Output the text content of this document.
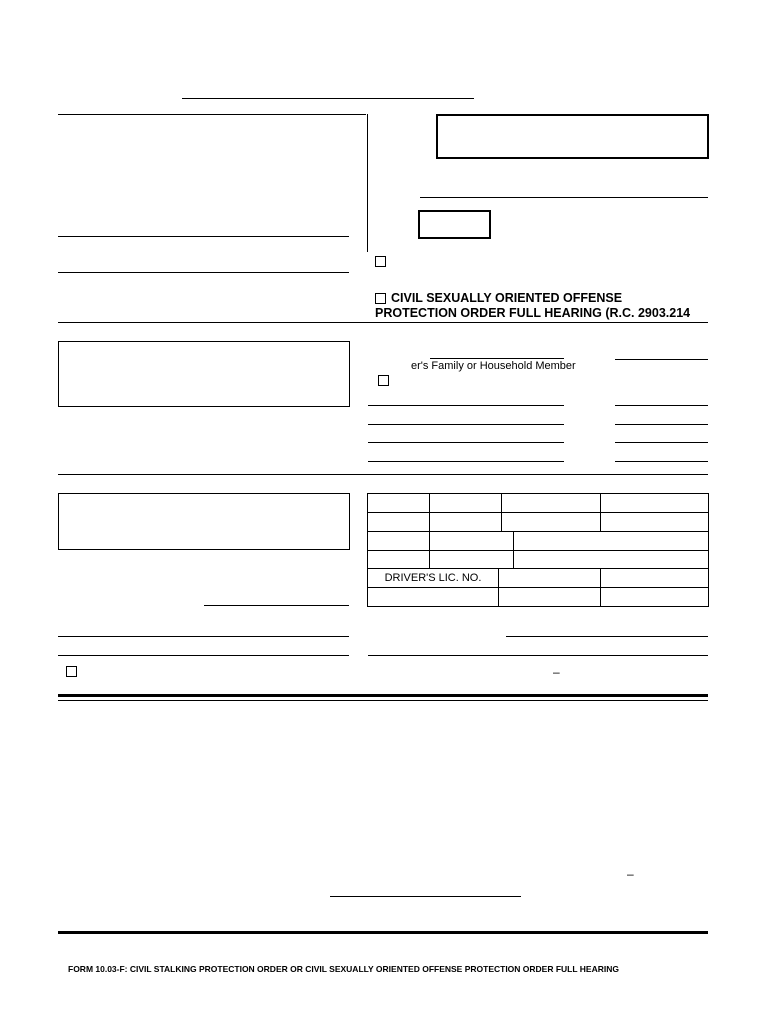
CIVIL SEXUALLY ORIENTED OFFENSE
PROTECTION ORDER FULL HEARING (R.C. 2903.214
er's Family or Household Member
DRIVER'S LIC. NO.
–
–
FORM 10.03-F: CIVIL STALKING PROTECTION ORDER OR CIVIL SEXUALLY ORIENTED OFFENSE PROTECTION ORDER FULL HEARING
